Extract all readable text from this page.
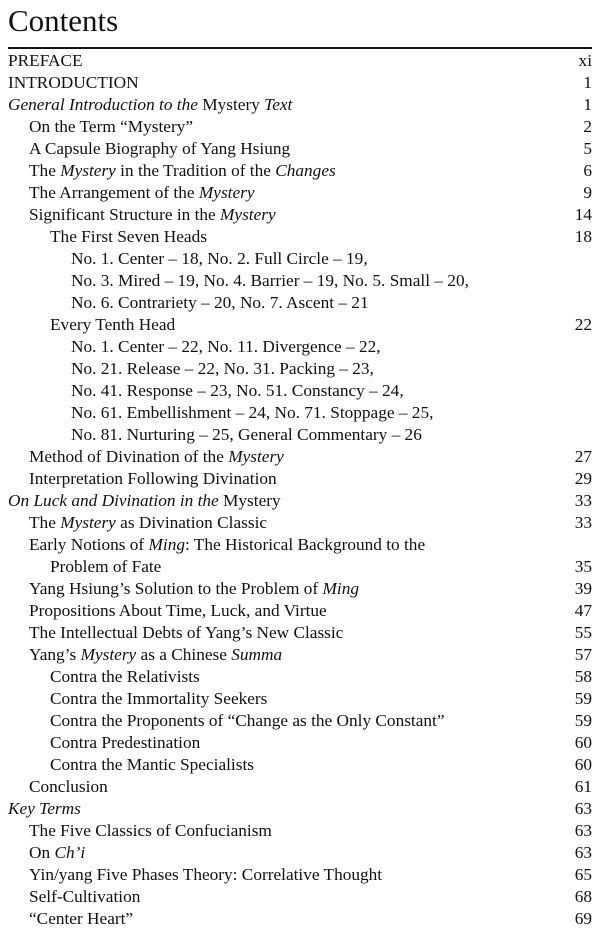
Contents
PREFACE	xi
INTRODUCTION	1
General Introduction to the Mystery Text	1
On the Term “Mystery”	2
A Capsule Biography of Yang Hsiung	5
The Mystery in the Tradition of the Changes	6
The Arrangement of the Mystery	9
Significant Structure in the Mystery	14
The First Seven Heads	18
No. 1. Center – 18, No. 2. Full Circle – 19,
No. 3. Mired – 19, No. 4. Barrier – 19, No. 5. Small – 20,
No. 6. Contrariety – 20, No. 7. Ascent – 21
Every Tenth Head	22
No. 1. Center – 22, No. 11. Divergence – 22,
No. 21. Release – 22, No. 31. Packing – 23,
No. 41. Response – 23, No. 51. Constancy – 24,
No. 61. Embellishment – 24, No. 71. Stoppage – 25,
No. 81. Nurturing – 25, General Commentary – 26
Method of Divination of the Mystery	27
Interpretation Following Divination	29
On Luck and Divination in the Mystery	33
The Mystery as Divination Classic	33
Early Notions of Ming: The Historical Background to the
Problem of Fate	35
Yang Hsiung’s Solution to the Problem of Ming	39
Propositions About Time, Luck, and Virtue	47
The Intellectual Debts of Yang’s New Classic	55
Yang’s Mystery as a Chinese Summa	57
Contra the Relativists	58
Contra the Immortality Seekers	59
Contra the Proponents of “Change as the Only Constant”	59
Contra Predestination	60
Contra the Mantic Specialists	60
Conclusion	61
Key Terms	63
The Five Classics of Confucianism	63
On Ch’i	63
Yin/yang Five Phases Theory: Correlative Thought	65
Self-Cultivation	68
“Center Heart”	69
